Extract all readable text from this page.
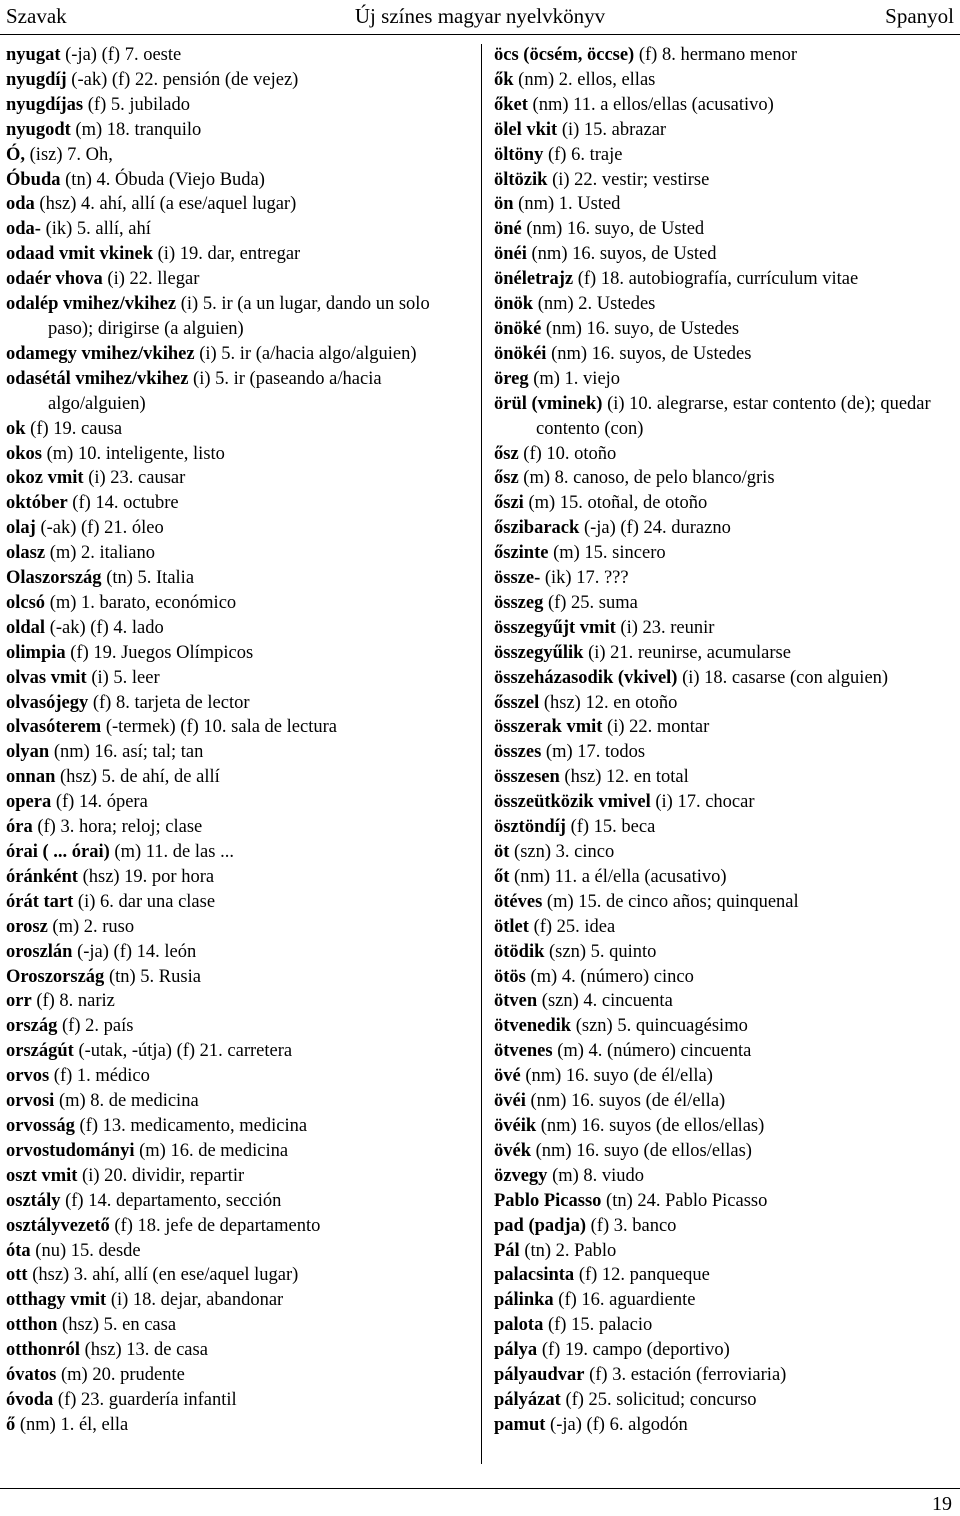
Új színes magyar nyelvkönyv
Szavak	Spanyol
nyugat (-ja) (f) 7. oeste
nyugdíj (-ak) (f) 22. pensión (de vejez)
nyugdíjas (f) 5. jubilado
nyugodt (m) 18. tranquilo
Ó, (isz) 7. Oh,
Óbuda (tn) 4. Óbuda (Viejo Buda)
oda (hsz) 4. ahí, allí (a ese/aquel lugar)
oda- (ik) 5. allí, ahí
odaad vmit vkinek (i) 19. dar, entregar
odaér vhova (i) 22. llegar
odalép vmihez/vkihez (i) 5. ir (a un lugar, dando un solo paso); dirigirse (a alguien)
odamegy vmihez/vkihez (i) 5. ir (a/hacia algo/alguien)
odasétál vmihez/vkihez (i) 5. ir (paseando a/hacia algo/alguien)
ok (f) 19. causa
okos (m) 10. inteligente, listo
okoz vmit (i) 23. causar
október (f) 14. octubre
olaj (-ak) (f) 21. óleo
olasz (m) 2. italiano
Olaszország (tn) 5. Italia
olcsó (m) 1. barato, económico
oldal (-ak) (f) 4. lado
olimpia (f) 19. Juegos Olímpicos
olvas vmit (i) 5. leer
olvasójegy (f) 8. tarjeta de lector
olvasóterem (-termek) (f) 10. sala de lectura
olyan (nm) 16. así; tal; tan
onnan (hsz) 5. de ahí, de allí
opera (f) 14. ópera
óra (f) 3. hora; reloj; clase
órai ( ... órai) (m) 11. de las ...
óránként (hsz) 19. por hora
órát tart (i) 6. dar una clase
orosz (m) 2. ruso
oroszlán (-ja) (f) 14. león
Oroszország (tn) 5. Rusia
orr (f) 8. nariz
ország (f) 2. país
országút (-utak, -útja) (f) 21. carretera
orvos (f) 1. médico
orvosi (m) 8. de medicina
orvosság (f) 13. medicamento, medicina
orvostudományi (m) 16. de medicina
oszt vmit (i) 20. dividir, repartir
osztály (f) 14. departamento, sección
osztályvezető (f) 18. jefe de departamento
óta (nu) 15. desde
ott (hsz) 3. ahí, allí (en ese/aquel lugar)
otthagy vmit (i) 18. dejar, abandonar
otthon (hsz) 5. en casa
otthonról (hsz) 13. de casa
óvatos (m) 20. prudente
óvoda (f) 23. guardería infantil
ő (nm) 1. él, ella
öcs (öcsém, öccse) (f) 8. hermano menor
ők (nm) 2. ellos, ellas
őket (nm) 11. a ellos/ellas (acusativo)
ölel vkit (i) 15. abrazar
öltöny (f) 6. traje
öltözik (i) 22. vestir; vestirse
ön (nm) 1. Usted
öné (nm) 16. suyo, de Usted
önéi (nm) 16. suyos, de Usted
önéletrajz (f) 18. autobiografía, currículum vitae
önök (nm) 2. Ustedes
önöké (nm) 16. suyo, de Ustedes
önökéi (nm) 16. suyos, de Ustedes
öreg (m) 1. viejo
örül (vminek) (i) 10. alegrarse, estar contento (de); quedar contento (con)
ősz (f) 10. otoño
ősz (m) 8. canoso, de pelo blanco/gris
őszi (m) 15. otoñal, de otoño
őszibarack (-ja) (f) 24. durazno
őszinte (m) 15. sincero
össze- (ik) 17. ???
összeg (f) 25. suma
összegyűjt vmit (i) 23. reunir
összegyűlik (i) 21. reunirse, acumularse
összeházasodik (vkivel) (i) 18. casarse (con alguien)
ősszel (hsz) 12. en otoño
összerak vmit (i) 22. montar
összes (m) 17. todos
összesen (hsz) 12. en total
összeütközik vmivel (i) 17. chocar
ösztöndíj (f) 15. beca
öt (szn) 3. cinco
őt (nm) 11. a él/ella (acusativo)
ötéves (m) 15. de cinco años; quinquenal
ötlet (f) 25. idea
ötödik (szn) 5. quinto
ötös (m) 4. (número) cinco
ötven (szn) 4. cincuenta
ötvenedik (szn) 5. quincuagésimo
ötvenes (m) 4. (número) cincuenta
övé (nm) 16. suyo (de él/ella)
övéi (nm) 16. suyos (de él/ella)
övéik (nm) 16. suyos (de ellos/ellas)
övék (nm) 16. suyo (de ellos/ellas)
özvegy (m) 8. viudo
Pablo Picasso (tn) 24. Pablo Picasso
pad (padja) (f) 3. banco
Pál (tn) 2. Pablo
palacsinta (f) 12. panqueque
pálinka (f) 16. aguardiente
palota (f) 15. palacio
pálya (f) 19. campo (deportivo)
pályaudvar (f) 3. estación (ferroviaria)
pályázat (f) 25. solicitud; concurso
pamut (-ja) (f) 6. algodón
19
